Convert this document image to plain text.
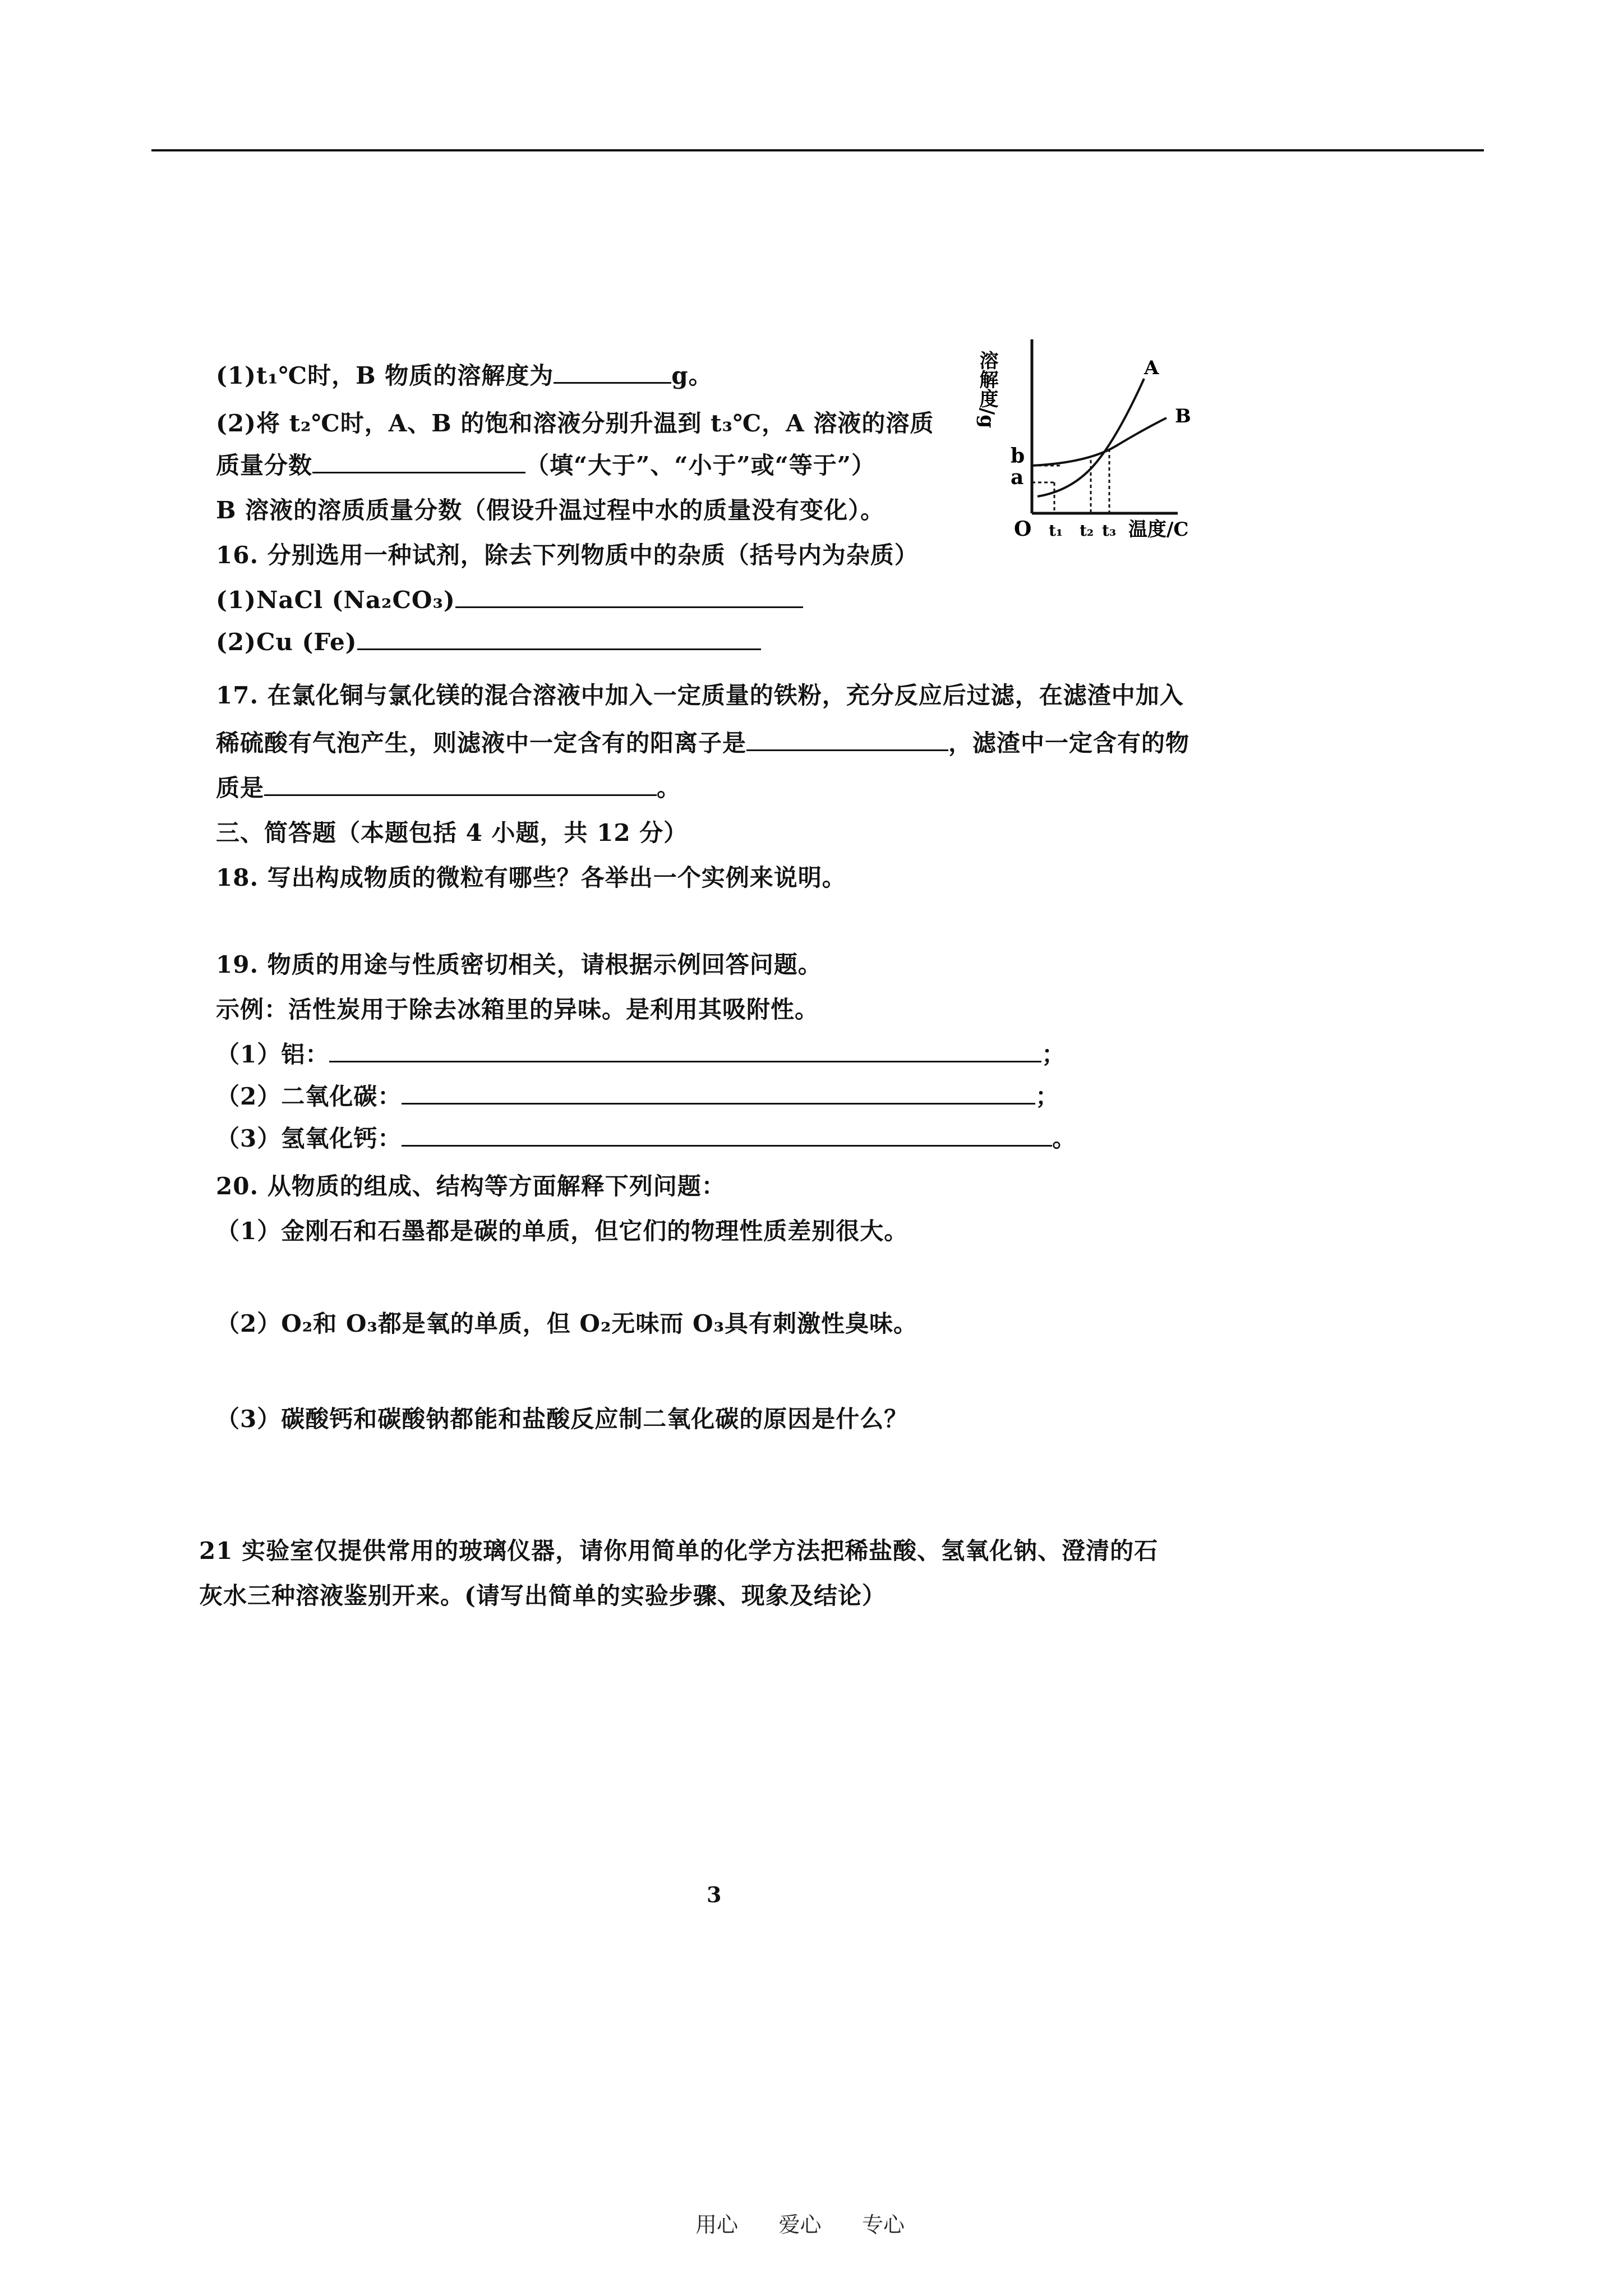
(1)t₁℃时，B 物质的溶解度为	g。
(2)将 t₂℃时，A、B 的饱和溶液分别升温到 t₃℃，A 溶液的溶质
质量分数	（填“大于”、“小于”或“等于”）
B 溶液的溶质质量分数（假设升温过程中水的质量没有变化）。
溶解度/g
b
a
O t₁ t₂ t₃ 温度/C
B
A
16. 分别选用一种试剂，除去下列物质中的杂质（括号内为杂质）
(1)NaCl (Na₂CO₃)
(2)Cu (Fe)
17. 在氯化铜与氯化镁的混合溶液中加入一定质量的铁粉，充分反应后过滤，在滤渣中加入
稀硫酸有气泡产生，则滤液中一定含有的阳离子是	，滤渣中一定含有的物
质是	。
三、简答题（本题包括 4 小题，共 12 分）
18. 写出构成物质的微粒有哪些？各举出一个实例来说明。
19. 物质的用途与性质密切相关，请根据示例回答问题。
示例：活性炭用于除去冰箱里的异味。是利用其吸附性。
（1）铝：	；
（2）二氧化碳：	；
（3）氢氧化钙：	。
20. 从物质的组成、结构等方面解释下列问题：
（1）金刚石和石墨都是碳的单质，但它们的物理性质差别很大。
（2）O₂和 O₃都是氧的单质，但 O₂无味而 O₃具有刺激性臭味。
（3）碳酸钙和碳酸钠都能和盐酸反应制二氧化碳的原因是什么？
21 实验室仅提供常用的玻璃仪器，请你用简单的化学方法把稀盐酸、氢氧化钠、澄清的石
灰水三种溶液鉴别开来。(请写出简单的实验步骤、现象及结论）
3
用心      爱心      专心
